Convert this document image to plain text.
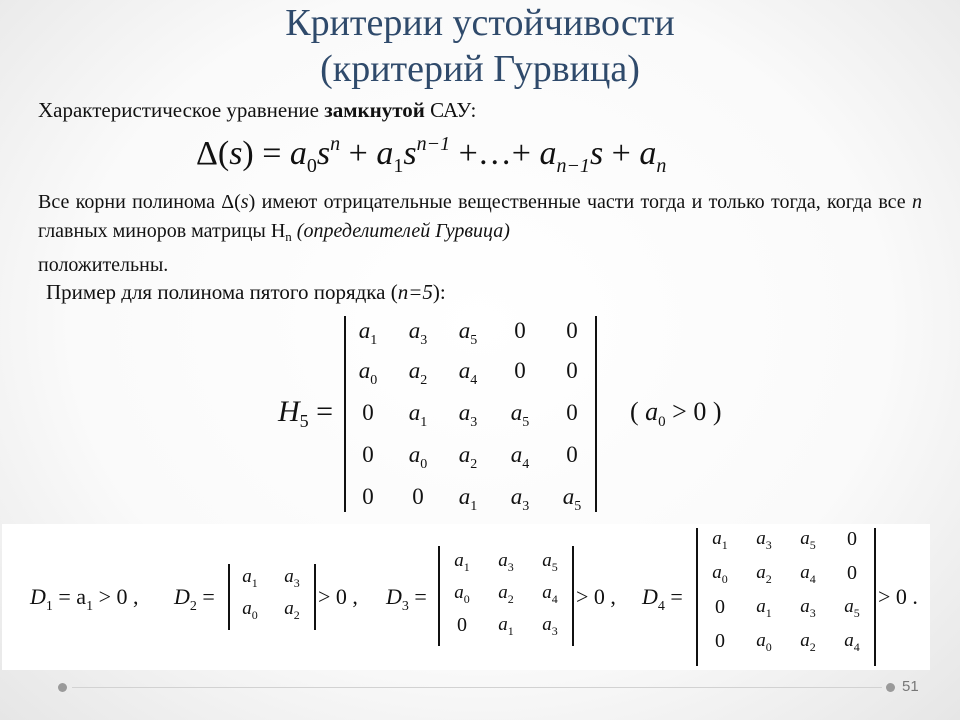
Критерии устойчивости
(критерий Гурвица)
Характеристическое уравнение замкнутой САУ:
$\Delta(s) = a_0s^n + a_1s^{n-1}$ +…+ $a_{n-1}s + a_n$
Все корни полинома Δ(s) имеют отрицательные вещественные части тогда и только тогда, когда все n главных миноров матрицы $H_n$ (определителей Гурвица)
положительны.
Пример для полинома пятого порядка (n=5):
$H_5$ =
$a_1$	$a_3$	$a_5$	0	0
$a_0$	$a_2$	$a_4$	0	0
0	$a_1$	$a_3$	$a_5$	0
0	$a_0$	$a_2$	$a_4$	0
0	0	$a_1$	$a_3$	$a_5$
( $a_0 > 0$ )
$D_1 = a_1 > 0$ , $D_2$ =	> 0 , $D_3$ =	> 0 , $D_4$ =	> 0 .
$a_1$	$a_3$
$a_0$	$a_2$
$a_1$	$a_3$	$a_5$
$a_0$	$a_2$	$a_4$
0	$a_1$	$a_3$
$a_1$	$a_3$	$a_5$	0
$a_0$	$a_2$	$a_4$	0
0	$a_1$	$a_3$	$a_5$
0	$a_0$	$a_2$	$a_4$
51
